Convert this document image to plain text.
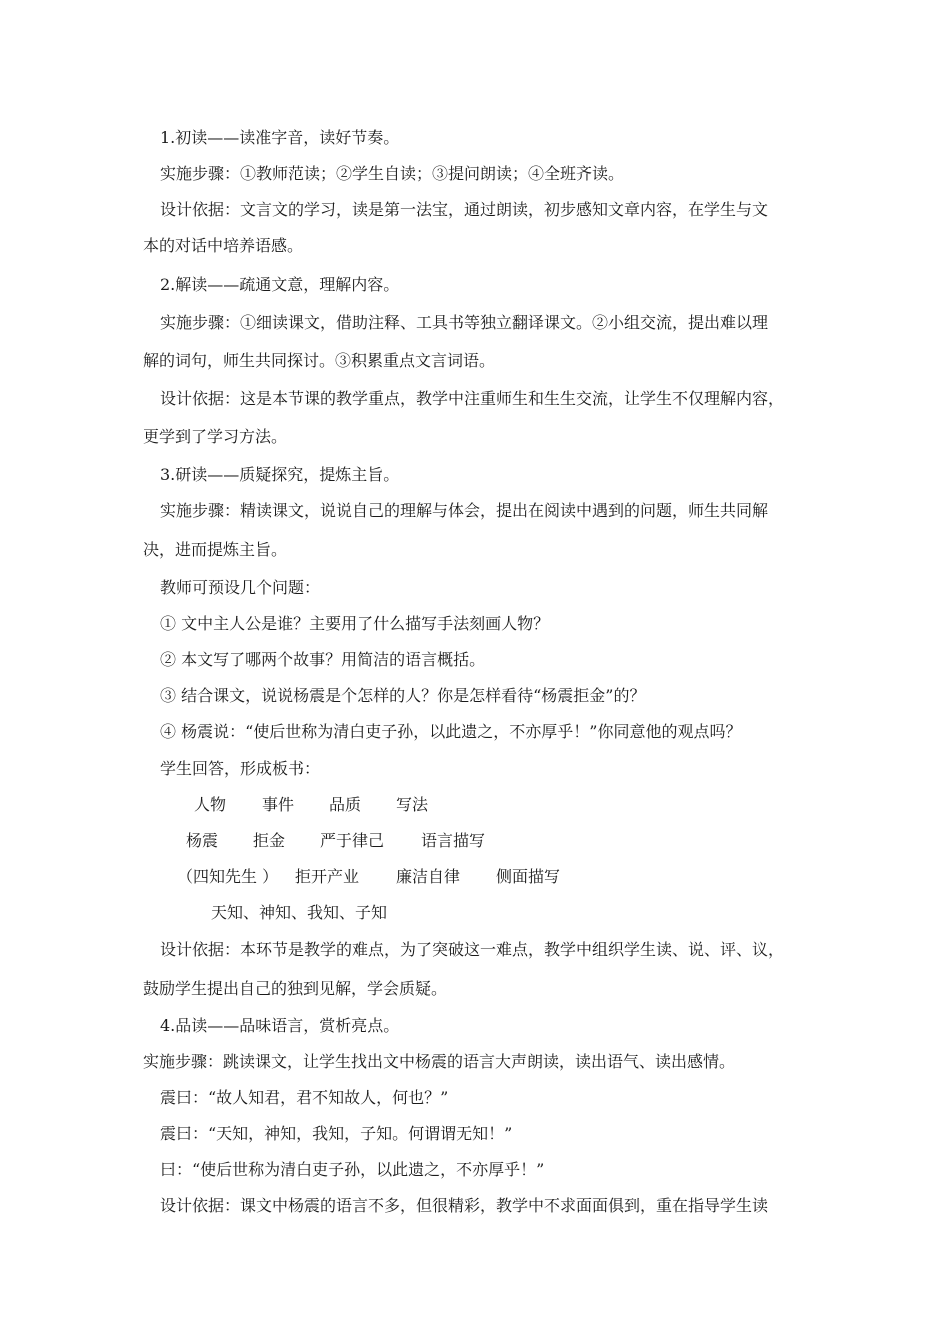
1.初读——读准字音，读好节奏。
实施步骤：①教师范读；②学生自读；③提问朗读；④全班齐读。
设计依据：文言文的学习，读是第一法宝，通过朗读，初步感知文章内容，在学生与文
本的对话中培养语感。
2.解读——疏通文意，理解内容。
实施步骤：①细读课文，借助注释、工具书等独立翻译课文。②小组交流，提出难以理
解的词句，师生共同探讨。③积累重点文言词语。
设计依据：这是本节课的教学重点，教学中注重师生和生生交流，让学生不仅理解内容，
更学到了学习方法。
3.研读——质疑探究，提炼主旨。
实施步骤：精读课文，说说自己的理解与体会，提出在阅读中遇到的问题，师生共同解
决，进而提炼主旨。
教师可预设几个问题：
① 文中主人公是谁？主要用了什么描写手法刻画人物？
② 本文写了哪两个故事？用简洁的语言概括。
③ 结合课文，说说杨震是个怎样的人？你是怎样看待“杨震拒金”的？
④ 杨震说：“使后世称为清白吏子孙，以此遗之，不亦厚乎！”你同意他的观点吗？
学生回答，形成板书：
人物 事件 品质 写法
杨震 拒金 严于律己 语言描写
（四知先生 ） 拒开产业 廉洁自律 侧面描写
天知、神知、我知、子知
设计依据：本环节是教学的难点，为了突破这一难点，教学中组织学生读、说、评、议，
鼓励学生提出自己的独到见解，学会质疑。
4.品读——品味语言，赏析亮点。
实施步骤：跳读课文，让学生找出文中杨震的语言大声朗读，读出语气、读出感情。
震曰：“故人知君，君不知故人，何也？”
震曰：“天知，神知，我知，子知。何谓谓无知！”
曰：“使后世称为清白吏子孙，以此遗之，不亦厚乎！”
设计依据：课文中杨震的语言不多，但很精彩，教学中不求面面俱到，重在指导学生读
